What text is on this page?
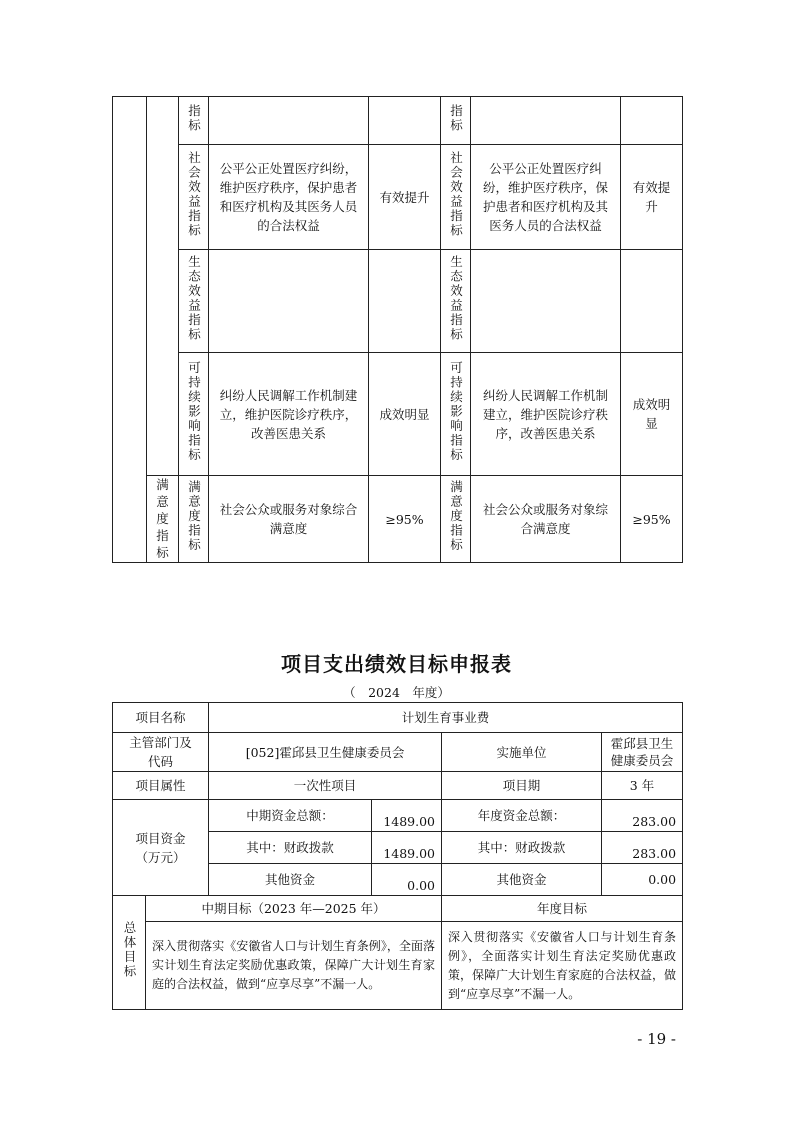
		指标			指标	

		社会效益指标	公平公正处置医疗纠纷，维护医疗秩序，保护患者和医疗机构及其医务人员的合法权益	有效提升	社会效益指标	公平公正处置医疗纠纷，维护医疗秩序，保护患者和医疗机构及其医务人员的合法权益	有效提升

		生态效益指标			生态效益指标	

		可持续影响指标	纠纷人民调解工作机制建立，维护医院诊疗秩序，改善医患关系	成效明显	可持续影响指标	纠纷人民调解工作机制建立，维护医院诊疗秩序，改善医患关系	成效明显

	满意度指标	满意度指标	社会公众或服务对象综合满意度	≥95%	满意度指标	社会公众或服务对象综合满意度	≥95%
项目支出绩效目标申报表
（　2024　年度）
项目名称		计划生育事业费			

主管部门及代码		[052]霍邱县卫生健康委员会		实施单位	霍邱县卫生健康委员会

项目属性		一次性项目		项目期	3 年

项目资金（万元）		中期资金总额：	1489.00	年度资金总额：	283.00
		其中：财政拨款	1489.00	其中：财政拨款	283.00
		其他资金	0.00	其他资金	0.00
总体目标	中期目标（2023 年—2025 年）			年度目标	
	深入贯彻落实《安徽省人口与计划生育条例》，全面落实计划生育法定奖励优惠政策，保障广大计划生育家庭的合法权益，做到“应享尽享”不漏一人。			深入贯彻落实《安徽省人口与计划生育条例》，全面落实计划生育法定奖励优惠政策，保障广大计划生育家庭的合法权益，做到“应享尽享”不漏一人。	
- 19 -
